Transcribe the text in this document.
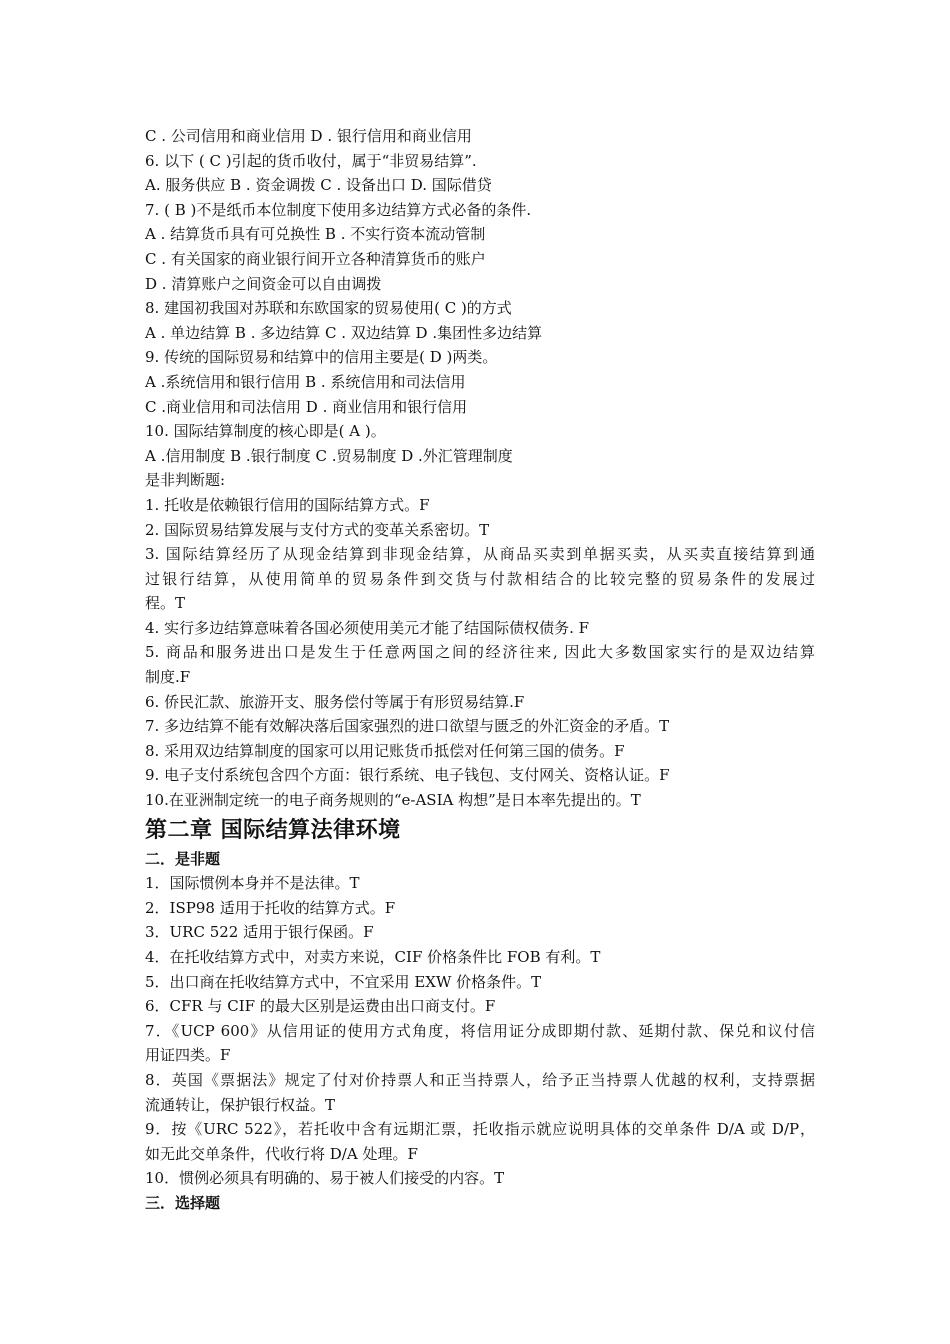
C . 公司信用和商业信用 D . 银行信用和商业信用
6. 以下 ( C )引起的货币收付，属于“非贸易结算”.
A. 服务供应 B . 资金调拨 C . 设备出口 D. 国际借贷
7. ( B )不是纸币本位制度下使用多边结算方式必备的条件.
A . 结算货币具有可兑换性 B . 不实行资本流动管制
C . 有关国家的商业银行间开立各种清算货币的账户
D . 清算账户之间资金可以自由调拨
8. 建国初我国对苏联和东欧国家的贸易使用( C )的方式
A . 单边结算 B . 多边结算 C . 双边结算 D .集团性多边结算
9. 传统的国际贸易和结算中的信用主要是( D )两类。
A .系统信用和银行信用 B . 系统信用和司法信用
C .商业信用和司法信用 D . 商业信用和银行信用
10. 国际结算制度的核心即是( A )。
A .信用制度 B .银行制度 C .贸易制度 D .外汇管理制度
是非判断题:
1. 托收是依赖银行信用的国际结算方式。F
2. 国际贸易结算发展与支付方式的变革关系密切。T
3. 国际结算经历了从现金结算到非现金结算，从商品买卖到单据买卖，从买卖直接结算到通
过银行结算，从使用简单的贸易条件到交货与付款相结合的比较完整的贸易条件的发展过
程。T
4. 实行多边结算意味着各国必须使用美元才能了结国际债权债务. F
5. 商品和服务进出口是发生于任意两国之间的经济往来, 因此大多数国家实行的是双边结算
制度.F
6. 侨民汇款、旅游开支、服务偿付等属于有形贸易结算.F
7. 多边结算不能有效解决落后国家强烈的进口欲望与匮乏的外汇资金的矛盾。T
8. 采用双边结算制度的国家可以用记账货币抵偿对任何第三国的债务。F
9. 电子支付系统包含四个方面：银行系统、电子钱包、支付网关、资格认证。F
10.在亚洲制定统一的电子商务规则的“e-ASIA 构想”是日本率先提出的。T
第二章 国际结算法律环境
二．是非题
1．国际惯例本身并不是法律。T
2．ISP98 适用于托收的结算方式。F
3．URC 522 适用于银行保函。F
4．在托收结算方式中，对卖方来说，CIF 价格条件比 FOB 有利。T
5．出口商在托收结算方式中，不宜采用 EXW 价格条件。T
6．CFR 与 CIF 的最大区别是运费由出口商支付。F
7．《UCP 600》从信用证的使用方式角度，将信用证分成即期付款、延期付款、保兑和议付信
用证四类。F
8．英国《票据法》规定了付对价持票人和正当持票人，给予正当持票人优越的权利，支持票据
流通转让，保护银行权益。T
9．按《URC 522》，若托收中含有远期汇票，托收指示就应说明具体的交单条件 D/A 或 D/P，
如无此交单条件，代收行将 D/A 处理。F
10．惯例必须具有明确的、易于被人们接受的内容。T
三．选择题
